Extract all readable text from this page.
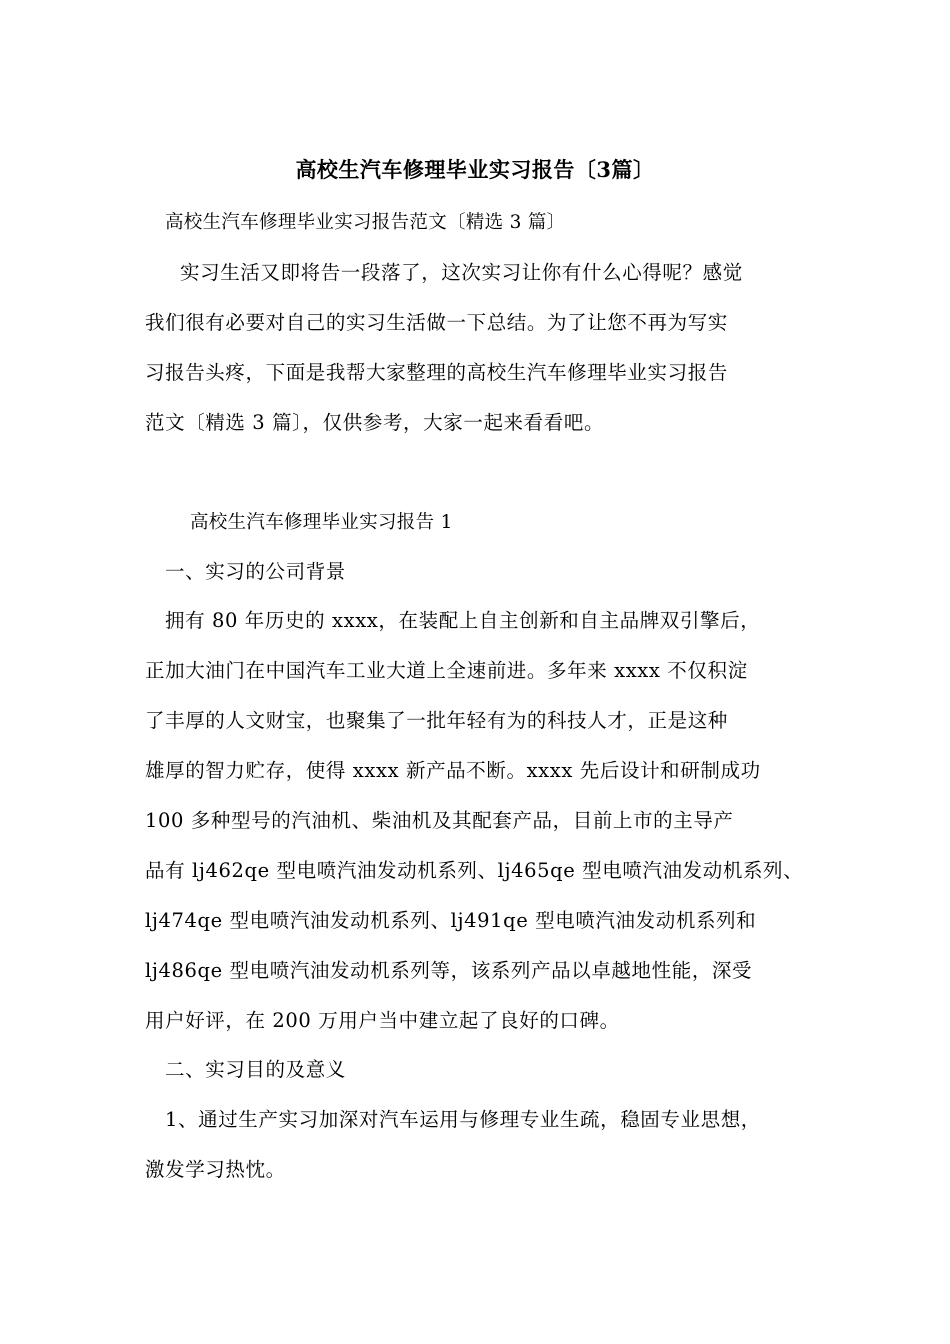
高校生汽车修理毕业实习报告〔3篇〕
高校生汽车修理毕业实习报告范文〔精选 3 篇〕
实习生活又即将告一段落了，这次实习让你有什么心得呢？感觉
我们很有必要对自己的实习生活做一下总结。为了让您不再为写实
习报告头疼，下面是我帮大家整理的高校生汽车修理毕业实习报告
范文〔精选 3 篇〕，仅供参考，大家一起来看看吧。
高校生汽车修理毕业实习报告 1
一、实习的公司背景
拥有 80 年历史的 xxxx，在装配上自主创新和自主品牌双引擎后，
正加大油门在中国汽车工业大道上全速前进。多年来 xxxx 不仅积淀
了丰厚的人文财宝，也聚集了一批年轻有为的科技人才，正是这种
雄厚的智力贮存，使得 xxxx 新产品不断。xxxx 先后设计和研制成功
100 多种型号的汽油机、柴油机及其配套产品，目前上市的主导产
品有 lj462qe 型电喷汽油发动机系列、lj465qe 型电喷汽油发动机系列、
lj474qe 型电喷汽油发动机系列、lj491qe 型电喷汽油发动机系列和
lj486qe 型电喷汽油发动机系列等，该系列产品以卓越地性能，深受
用户好评，在 200 万用户当中建立起了良好的口碑。
二、实习目的及意义
1、通过生产实习加深对汽车运用与修理专业生疏，稳固专业思想，
激发学习热忱。
